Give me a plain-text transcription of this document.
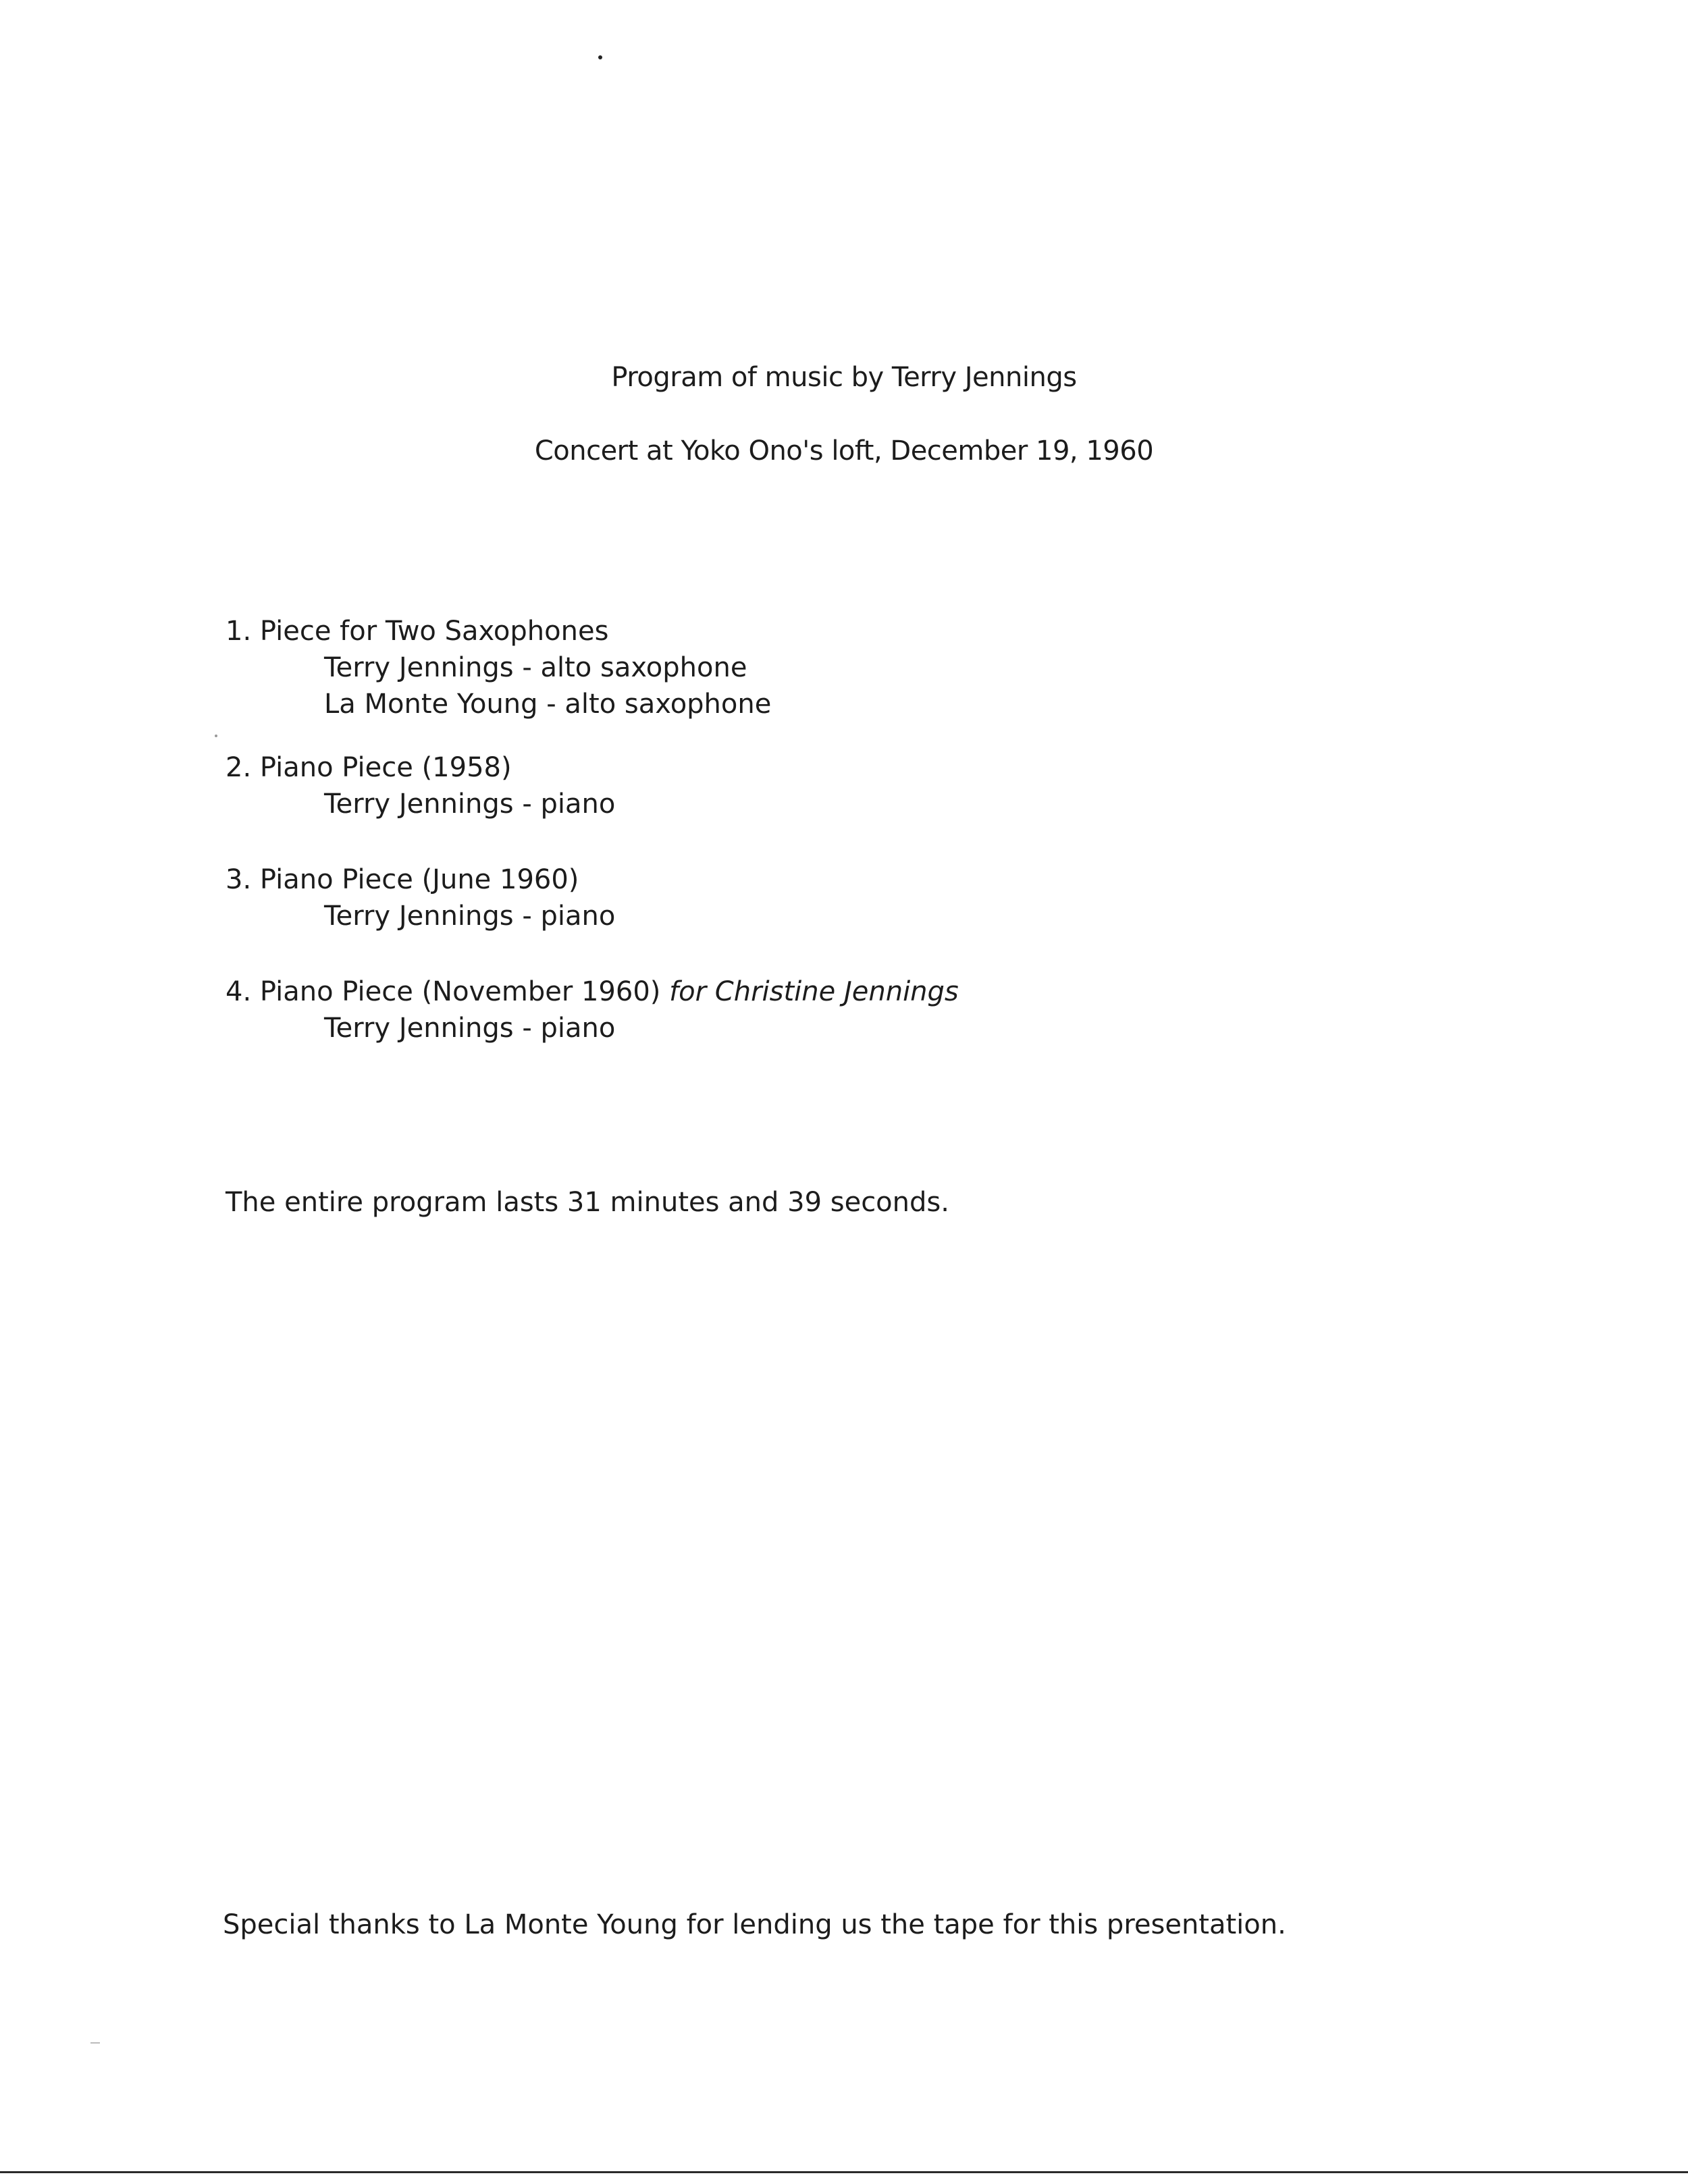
Program of music by Terry Jennings
Concert at Yoko Ono's loft, December 19, 1960
1. Piece for Two Saxophones
Terry Jennings - alto saxophone
La Monte Young - alto saxophone
2. Piano Piece (1958)
Terry Jennings - piano
3. Piano Piece (June 1960)
Terry Jennings - piano
4. Piano Piece (November 1960) for Christine Jennings
Terry Jennings - piano
The entire program lasts 31 minutes and 39 seconds.
Special thanks to La Monte Young for lending us the tape for this presentation.
